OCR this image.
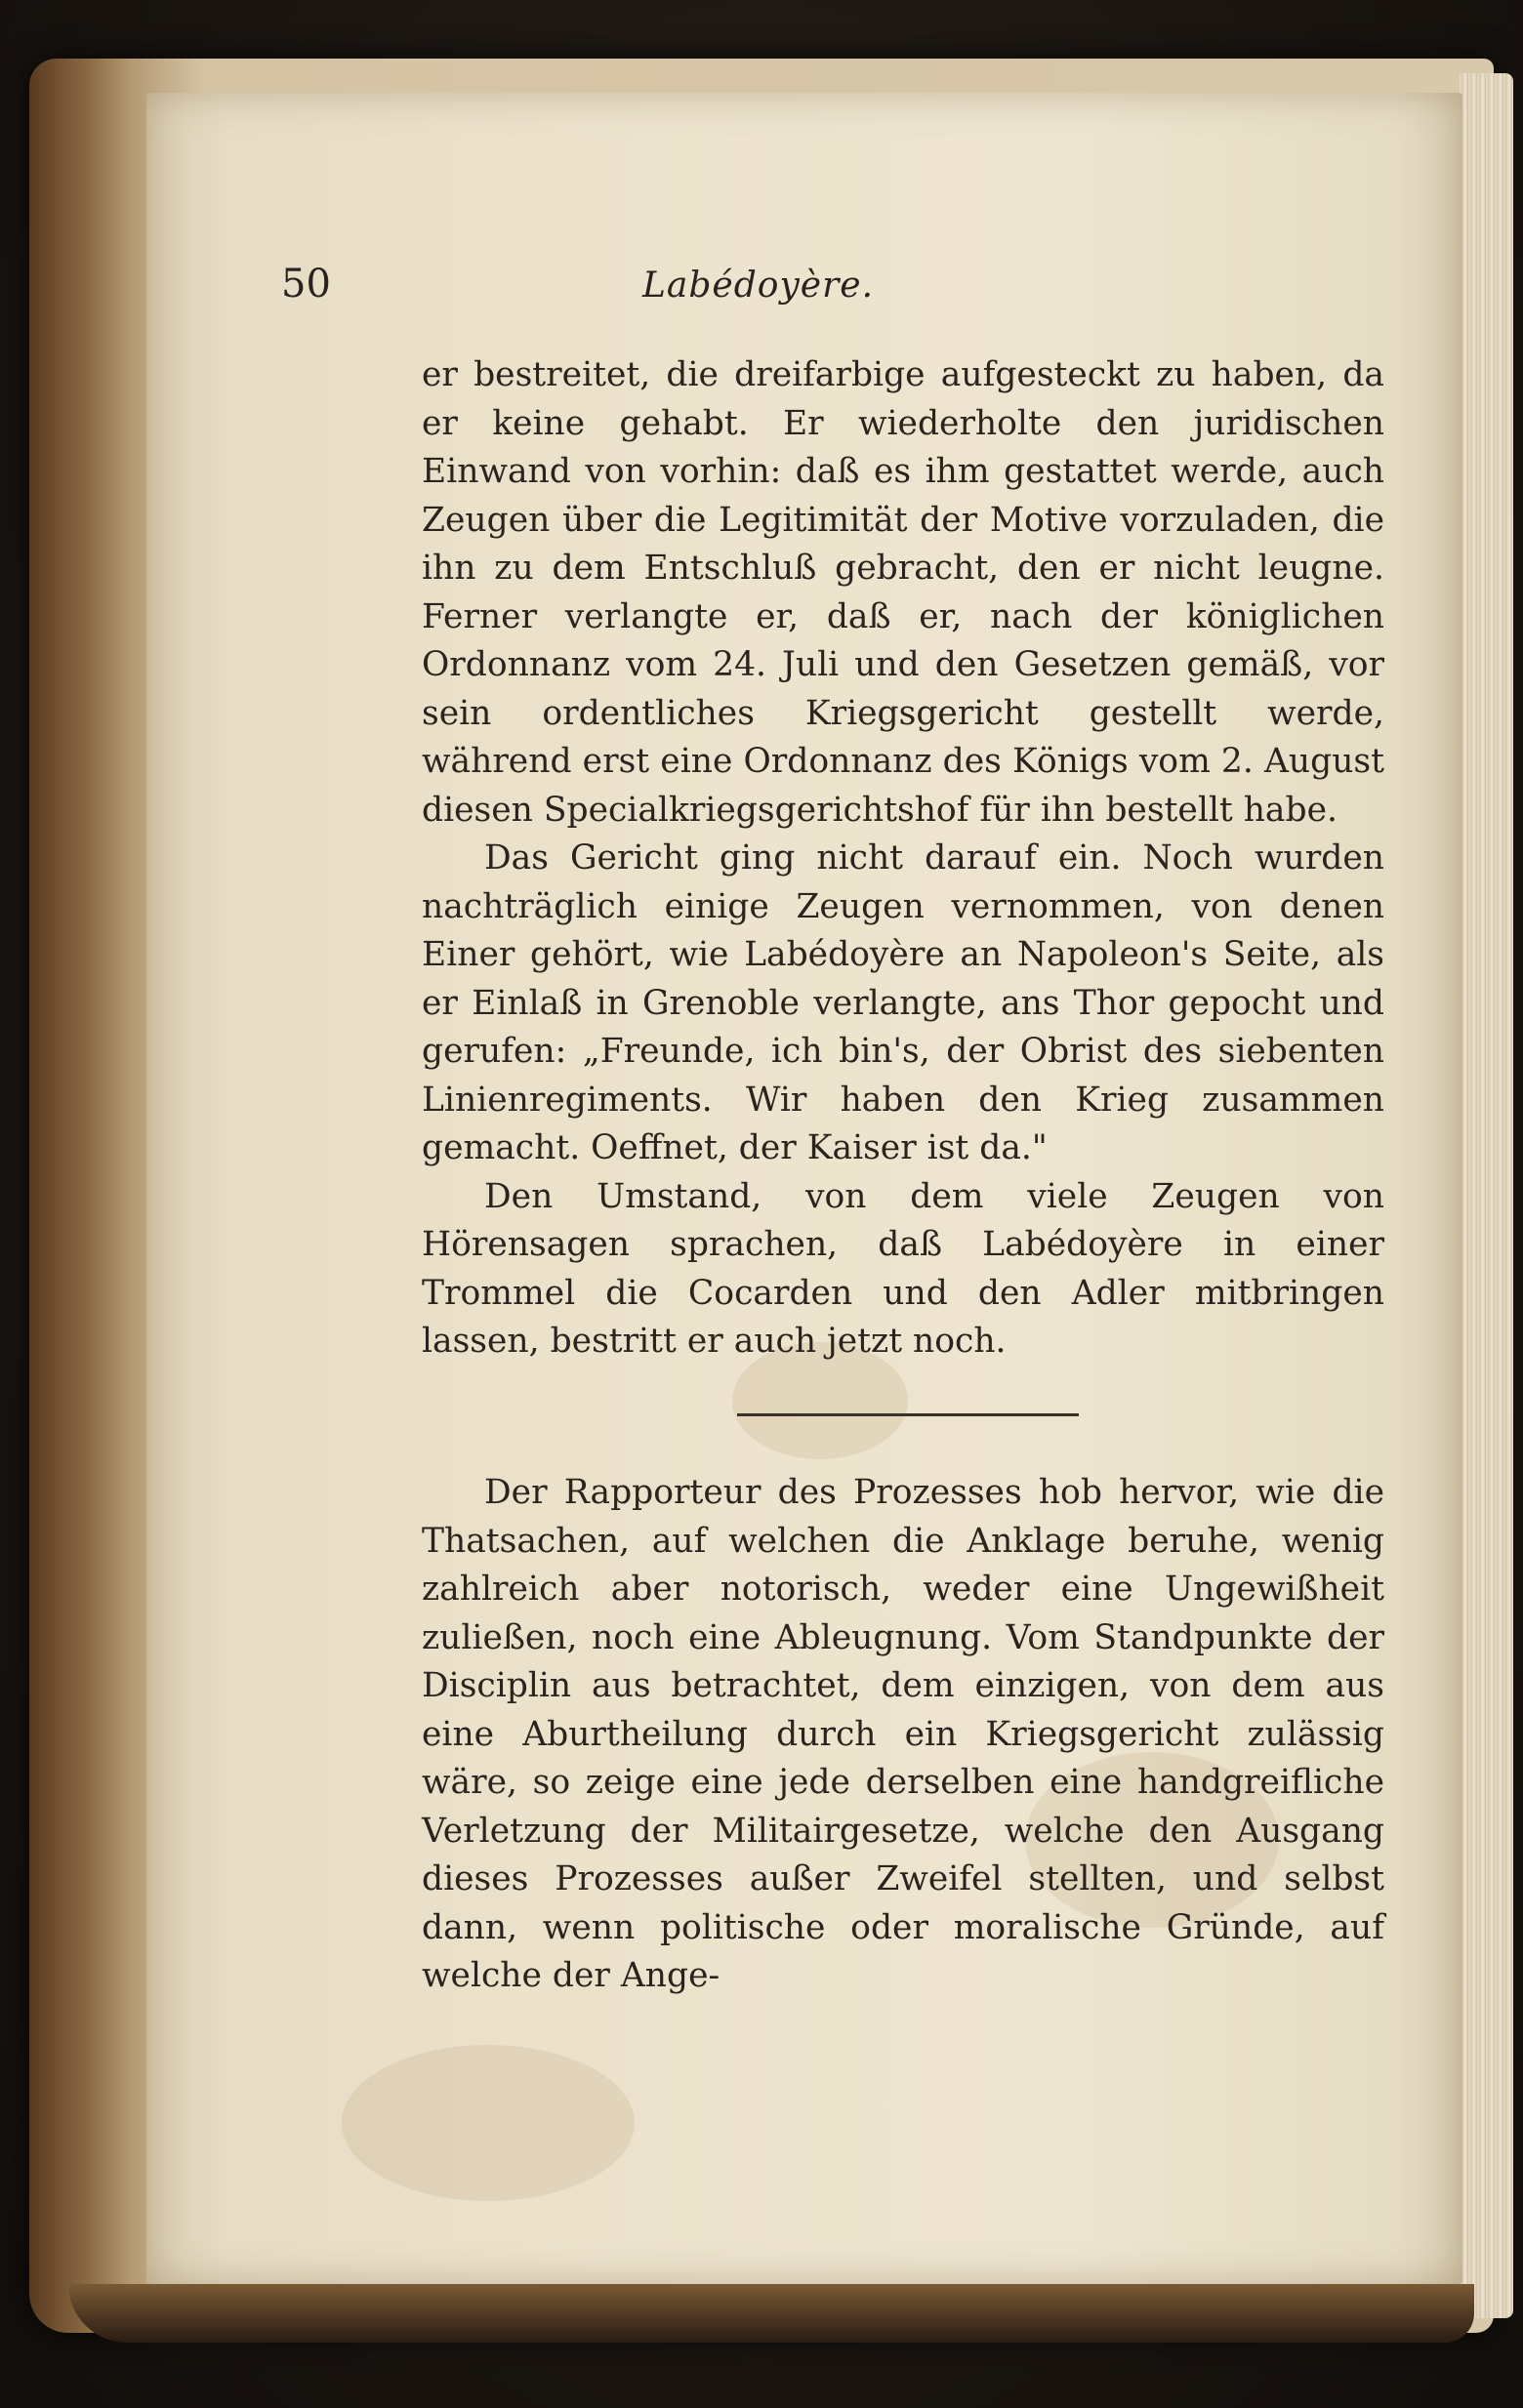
50	Labédoyère.

er bestreitet, die dreifarbige aufgesteckt zu haben, da er keine gehabt. Er wiederholte den juridischen Einwand von vorhin: daß es ihm gestattet werde, auch Zeugen über die Legitimität der Motive vorzuladen, die ihn zu dem Entschluß gebracht, den er nicht leugne. Ferner verlangte er, daß er, nach der königlichen Ordonnanz vom 24. Juli und den Gesetzen gemäß, vor sein ordentliches Kriegsgericht gestellt werde, während erst eine Ordonnanz des Königs vom 2. August diesen Specialkriegsgerichtshof für ihn bestellt habe.

Das Gericht ging nicht darauf ein. Noch wurden nachträglich einige Zeugen vernommen, von denen Einer gehört, wie Labédoyère an Napoleon's Seite, als er Einlaß in Grenoble verlangte, ans Thor gepocht und gerufen: „Freunde, ich bin's, der Obrist des siebenten Linienregiments. Wir haben den Krieg zusammen gemacht. Oeffnet, der Kaiser ist da."

Den Umstand, von dem viele Zeugen von Hörensagen sprachen, daß Labédoyère in einer Trommel die Cocarden und den Adler mitbringen lassen, bestritt er auch jetzt noch.

Der Rapporteur des Prozesses hob hervor, wie die Thatsachen, auf welchen die Anklage beruhe, wenig zahlreich aber notorisch, weder eine Ungewißheit zuließen, noch eine Ableugnung. Vom Standpunkte der Disciplin aus betrachtet, dem einzigen, von dem aus eine Aburtheilung durch ein Kriegsgericht zulässig wäre, so zeige eine jede derselben eine handgreifliche Verletzung der Militairgesetze, welche den Ausgang dieses Prozesses außer Zweifel stellten, und selbst dann, wenn politische oder moralische Gründe, auf welche der Ange-
